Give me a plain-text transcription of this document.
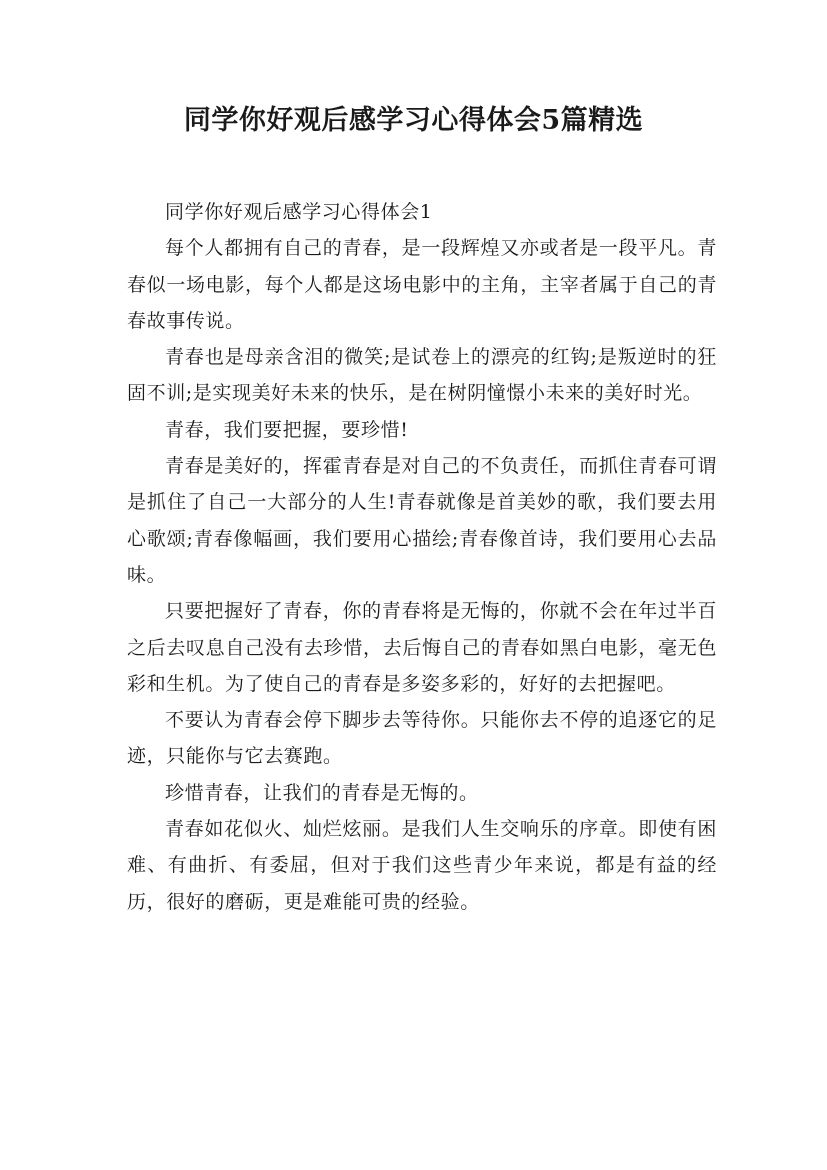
同学你好观后感学习心得体会5篇精选

同学你好观后感学习心得体会1

每个人都拥有自己的青春，是一段辉煌又亦或者是一段平凡。青春似一场电影，每个人都是这场电影中的主角，主宰者属于自己的青春故事传说。

青春也是母亲含泪的微笑;是试卷上的漂亮的红钩;是叛逆时的狂固不训;是实现美好未来的快乐，是在树阴憧憬小未来的美好时光。

青春，我们要把握，要珍惜!

青春是美好的，挥霍青春是对自己的不负责任，而抓住青春可谓是抓住了自己一大部分的人生!青春就像是首美妙的歌，我们要去用心歌颂;青春像幅画，我们要用心描绘;青春像首诗，我们要用心去品味。

只要把握好了青春，你的青春将是无悔的，你就不会在年过半百之后去叹息自己没有去珍惜，去后悔自己的青春如黑白电影，毫无色彩和生机。为了使自己的青春是多姿多彩的，好好的去把握吧。

不要认为青春会停下脚步去等待你。只能你去不停的追逐它的足迹，只能你与它去赛跑。

珍惜青春，让我们的青春是无悔的。

青春如花似火、灿烂炫丽。是我们人生交响乐的序章。即使有困难、有曲折、有委屈，但对于我们这些青少年来说，都是有益的经历，很好的磨砺，更是难能可贵的经验。
